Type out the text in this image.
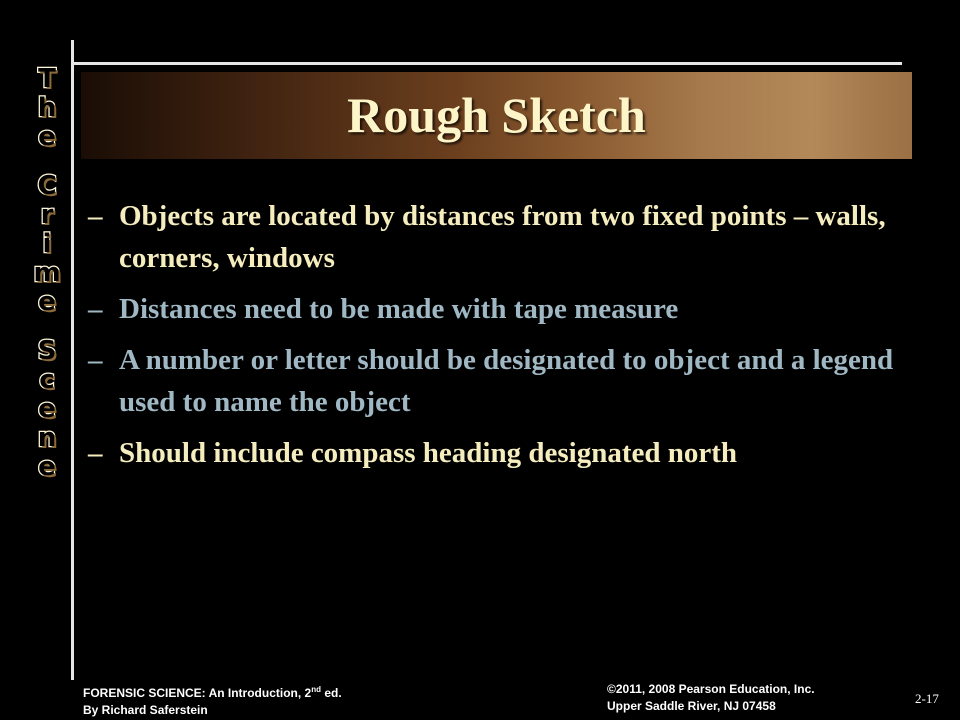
T
h
e
C
r
i
m
e
S
c
e
n
e
Rough Sketch
– Objects are located by distances from two fixed points – walls, corners, windows
– Distances need to be made with tape measure
– A number or letter should be designated to object and a legend used to name the object
– Should include compass heading designated north
FORENSIC SCIENCE: An Introduction, 2nd ed.
By Richard Saferstein
©2011, 2008 Pearson Education, Inc.
Upper Saddle River, NJ 07458	2-17
